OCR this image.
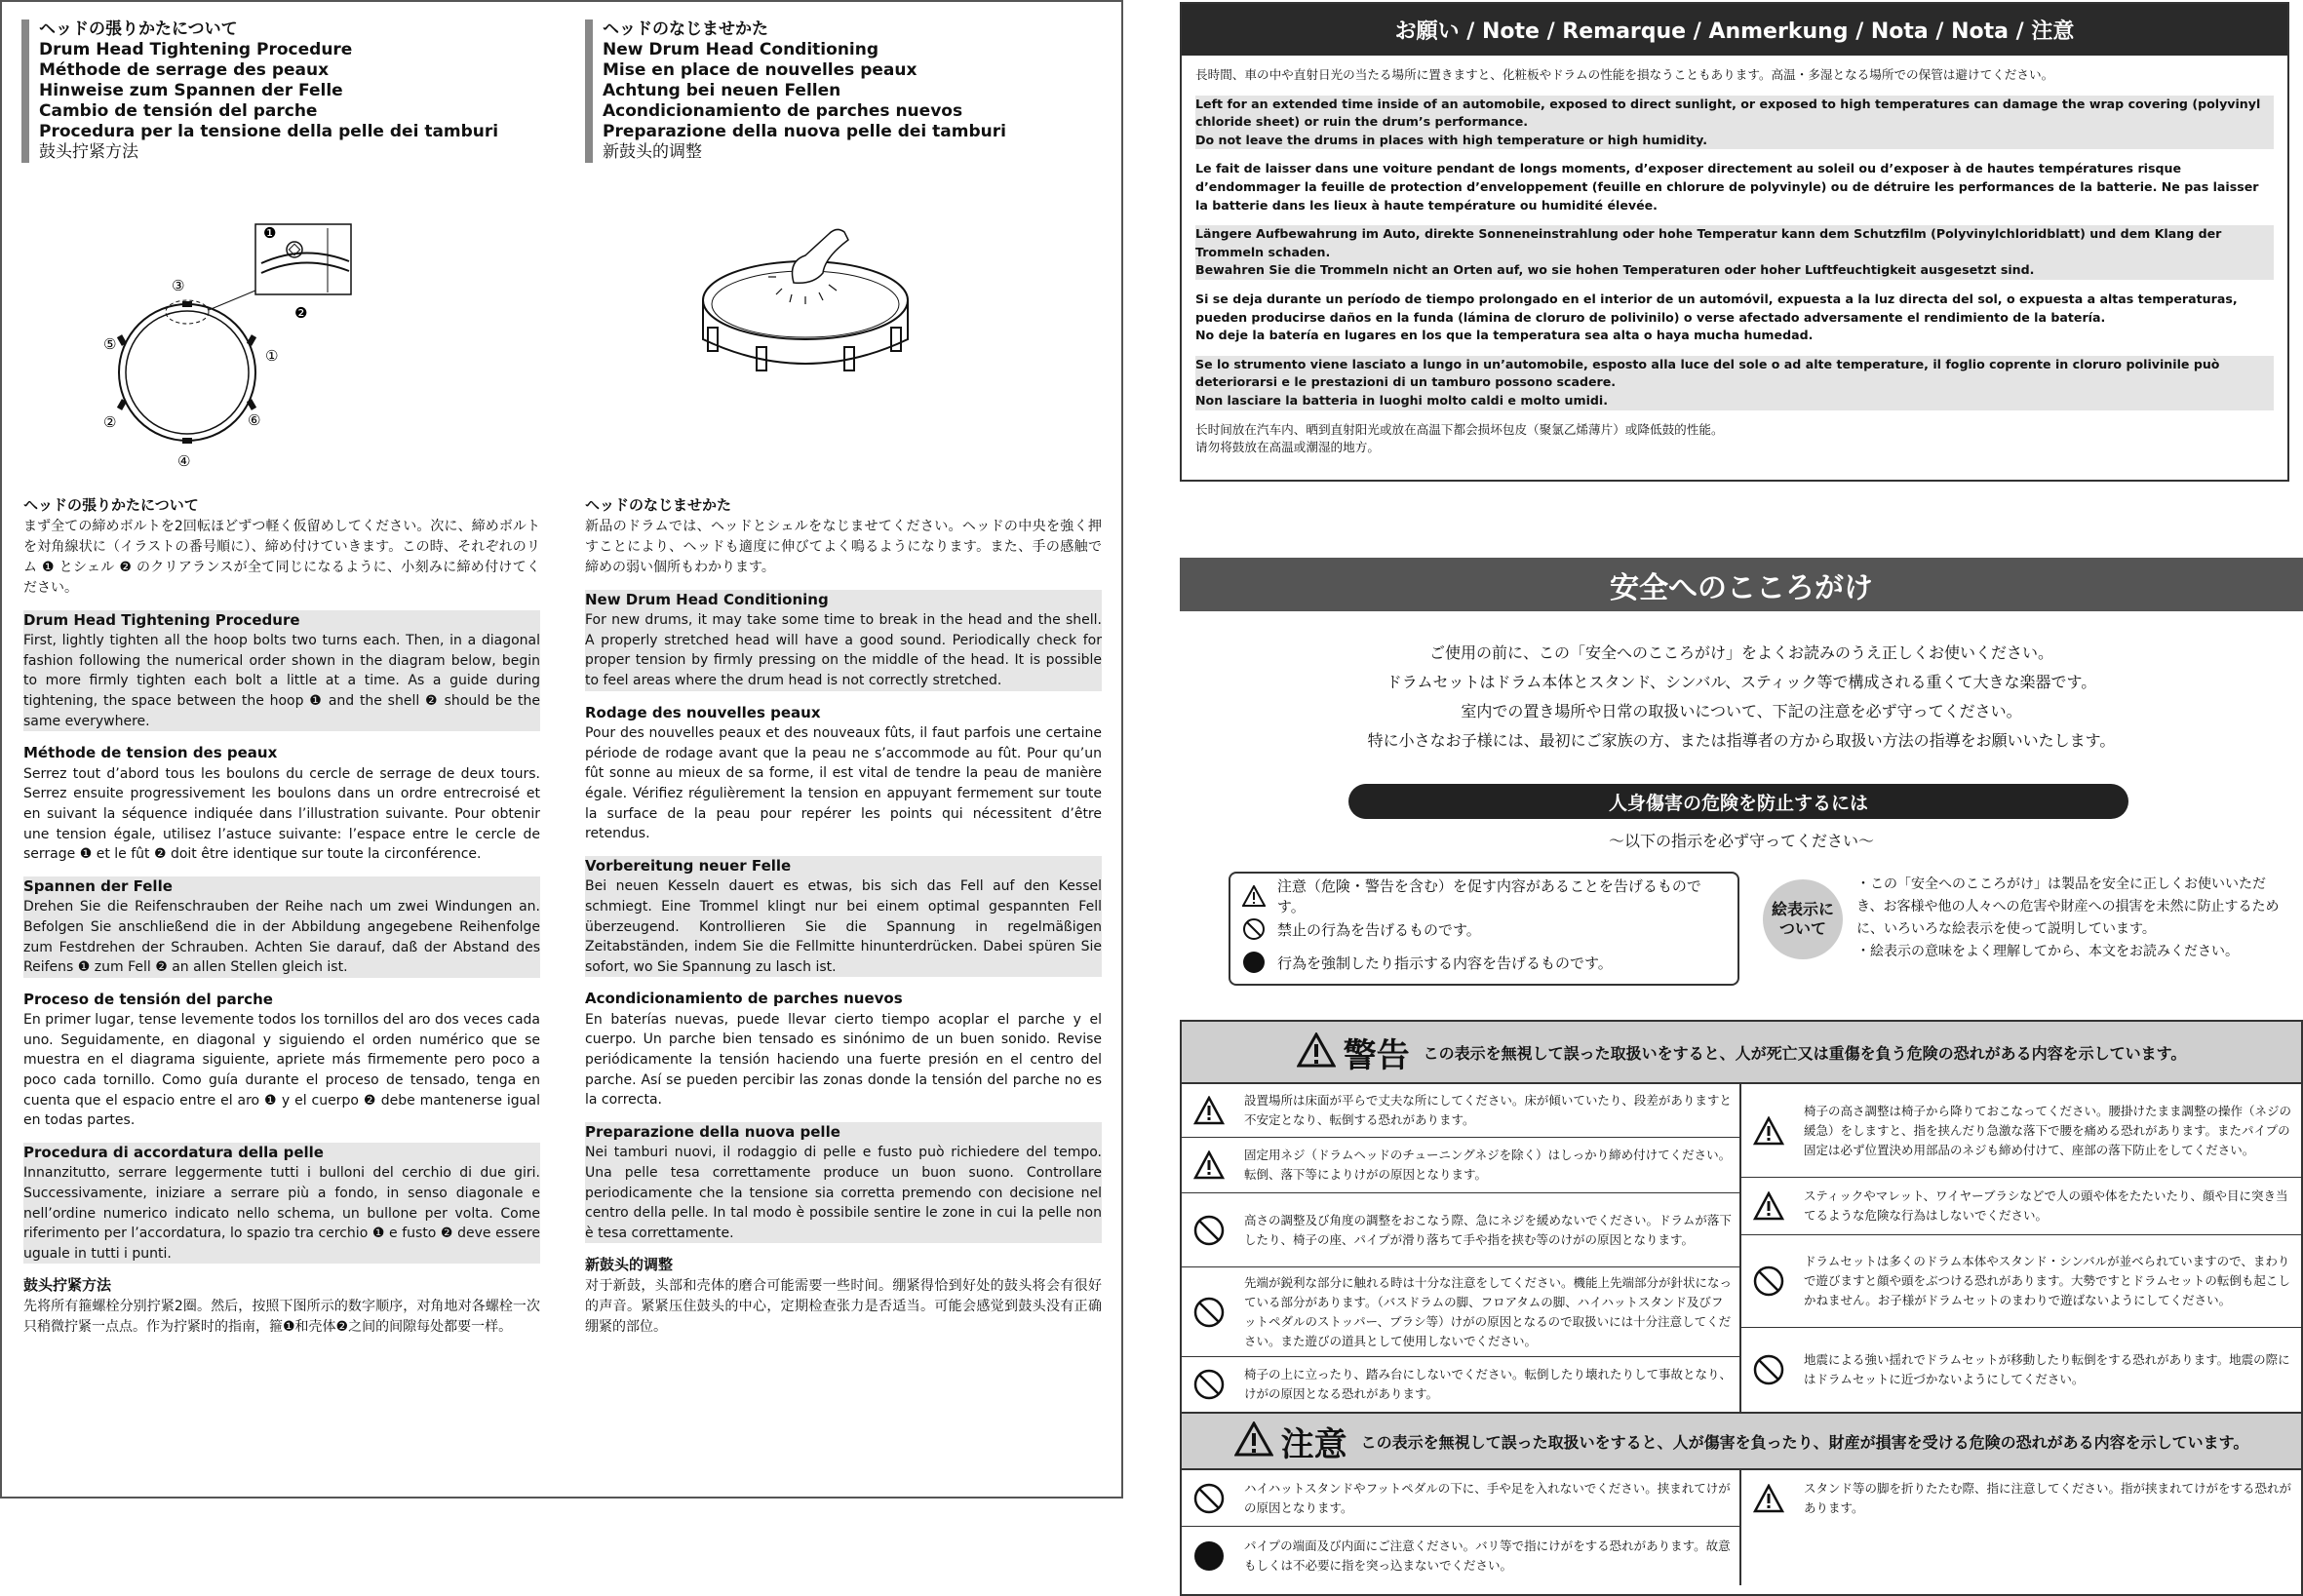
ヘッドの張りかたについて
Drum Head Tightening Procedure
Méthode de serrage des peaux
Hinweise zum Spannen der Felle
Cambio de tensión del parche
Procedura per la tensione della pelle dei tamburi
鼓头拧紧方法
ヘッドのなじませかた
New Drum Head Conditioning
Mise en place de nouvelles peaux
Achtung bei neuen Fellen
Acondicionamiento de parches nuevos
Preparazione della nuova pelle dei tamburi
新鼓头的调整
❶
❷
①
②
③
④
⑤
⑥
ヘッドの張りかたについて
まず全ての締めボルトを2回転ほどずつ軽く仮留めしてください。次に、締めボルトを対角線状に（イラストの番号順に）、締め付けていきます。この時、それぞれのリム ❶ とシェル ❷ のクリアランスが全て同じになるように、小刻みに締め付けてください。
Drum Head Tightening Procedure
First, lightly tighten all the hoop bolts two turns each. Then, in a diagonal fashion following the numerical order shown in the diagram below, begin to more firmly tighten each bolt a little at a time. As a guide during tightening, the space between the hoop ❶ and the shell ❷ should be the same everywhere.
Méthode de tension des peaux
Serrez tout d’abord tous les boulons du cercle de serrage de deux tours. Serrez ensuite progressivement les boulons dans un ordre entrecroisé et en suivant la séquence indiquée dans l’illustration suivante. Pour obtenir une tension égale, utilisez l’astuce suivante: l’espace entre le cercle de serrage ❶ et le fût ❷ doit être identique sur toute la circonférence.
Spannen der Felle
Drehen Sie die Reifenschrauben der Reihe nach um zwei Windungen an. Befolgen Sie anschließend die in der Abbildung angegebene Reihenfolge zum Festdrehen der Schrauben. Achten Sie darauf, daß der Abstand des Reifens ❶ zum Fell ❷ an allen Stellen gleich ist.
Proceso de tensión del parche
En primer lugar, tense levemente todos los tornillos del aro dos veces cada uno. Seguidamente, en diagonal y siguiendo el orden numérico que se muestra en el diagrama siguiente, apriete más firmemente pero poco a poco cada tornillo. Como guía durante el proceso de tensado, tenga en cuenta que el espacio entre el aro ❶ y el cuerpo ❷ debe mantenerse igual en todas partes.
Procedura di accordatura della pelle
Innanzitutto, serrare leggermente tutti i bulloni del cerchio di due giri. Successivamente, iniziare a serrare più a fondo, in senso diagonale e nell’ordine numerico indicato nello schema, un bullone per volta. Come riferimento per l’accordatura, lo spazio tra cerchio ❶ e fusto ❷ deve essere uguale in tutti i punti.
鼓头拧紧方法
先将所有箍螺栓分别拧紧2圈。然后，按照下图所示的数字顺序，对角地对各螺栓一次只稍微拧紧一点点。作为拧紧时的指南，箍❶和壳体❷之间的间隙每处都要一样。
ヘッドのなじませかた
新品のドラムでは、ヘッドとシェルをなじませてください。ヘッドの中央を強く押すことにより、ヘッドも適度に伸びてよく鳴るようになります。また、手の感触で締めの弱い個所もわかります。
New Drum Head Conditioning
For new drums, it may take some time to break in the head and the shell. A properly stretched head will have a good sound. Periodically check for proper tension by firmly pressing on the middle of the head. It is possible to feel areas where the drum head is not correctly stretched.
Rodage des nouvelles peaux
Pour des nouvelles peaux et des nouveaux fûts, il faut parfois une certaine période de rodage avant que la peau ne s’accommode au fût. Pour qu’un fût sonne au mieux de sa forme, il est vital de tendre la peau de manière égale. Vérifiez régulièrement la tension en appuyant fermement sur toute la surface de la peau pour repérer les points qui nécessitent d’être retendus.
Vorbereitung neuer Felle
Bei neuen Kesseln dauert es etwas, bis sich das Fell auf den Kessel schmiegt. Eine Trommel klingt nur bei einem optimal gespannten Fell überzeugend. Kontrollieren Sie die Spannung in regelmäßigen Zeitabständen, indem Sie die Fellmitte hinunterdrücken. Dabei spüren Sie sofort, wo Sie Spannung zu lasch ist.
Acondicionamiento de parches nuevos
En baterías nuevas, puede llevar cierto tiempo acoplar el parche y el cuerpo. Un parche bien tensado es sinónimo de un buen sonido. Revise periódicamente la tensión haciendo una fuerte presión en el centro del parche. Así se pueden percibir las zonas donde la tensión del parche no es la correcta.
Preparazione della nuova pelle
Nei tamburi nuovi, il rodaggio di pelle e fusto può richiedere del tempo. Una pelle tesa correttamente produce un buon suono. Controllare periodicamente che la tensione sia corretta premendo con decisione nel centro della pelle. In tal modo è possibile sentire le zone in cui la pelle non è tesa correttamente.
新鼓头的调整
对于新鼓，头部和壳体的磨合可能需要一些时间。绷紧得恰到好处的鼓头将会有很好的声音。紧紧压住鼓头的中心，定期检查张力是否适当。可能会感觉到鼓头没有正确绷紧的部位。
お願い / Note / Remarque / Anmerkung / Nota / Nota / 注意
長時間、車の中や直射日光の当たる場所に置きますと、化粧板やドラムの性能を損なうこともあります。高温・多湿となる場所での保管は避けてください。
Left for an extended time inside of an automobile, exposed to direct sunlight, or exposed to high temperatures can damage the wrap covering (polyvinyl chloride sheet) or ruin the drum’s performance.
Do not leave the drums in places with high temperature or high humidity.
Le fait de laisser dans une voiture pendant de longs moments, d’exposer directement au soleil ou d’exposer à de hautes températures risque d’endommager la feuille de protection d’enveloppement (feuille en chlorure de polyvinyle) ou de détruire les performances de la batterie. Ne pas laisser la batterie dans les lieux à haute température ou humidité élevée.
Längere Aufbewahrung im Auto, direkte Sonneneinstrahlung oder hohe Temperatur kann dem Schutzfilm (Polyvinylchloridblatt) und dem Klang der Trommeln schaden.
Bewahren Sie die Trommeln nicht an Orten auf, wo sie hohen Temperaturen oder hoher Luftfeuchtigkeit ausgesetzt sind.
Si se deja durante un período de tiempo prolongado en el interior de un automóvil, expuesta a la luz directa del sol, o expuesta a altas temperaturas, pueden producirse daños en la funda (lámina de cloruro de polivinilo) o verse afectado adversamente el rendimiento de la batería.
No deje la batería en lugares en los que la temperatura sea alta o haya mucha humedad.
Se lo strumento viene lasciato a lungo in un’automobile, esposto alla luce del sole o ad alte temperature, il foglio coprente in cloruro polivinile può deteriorarsi e le prestazioni di un tamburo possono scadere.
Non lasciare la batteria in luoghi molto caldi e molto umidi.
长时间放在汽车内、晒到直射阳光或放在高温下都会损坏包皮（聚氯乙烯薄片）或降低鼓的性能。
请勿将鼓放在高温或潮湿的地方。
安全へのこころがけ
ご使用の前に、この「安全へのこころがけ」をよくお読みのうえ正しくお使いください。
ドラムセットはドラム本体とスタンド、シンバル、スティック等で構成される重くて大きな楽器です。
室内での置き場所や日常の取扱いについて、下記の注意を必ず守ってください。
特に小さなお子様には、最初にご家族の方、または指導者の方から取扱い方法の指導をお願いいたします。
人身傷害の危険を防止するには
〜以下の指示を必ず守ってください〜
注意（危険・警告を含む）を促す内容があることを告げるものです。
禁止の行為を告げるものです。
行為を強制したり指示する内容を告げるものです。
絵表示に
ついて
・この「安全へのこころがけ」は製品を安全に正しくお使いいただき、お客様や他の人々への危害や財産への損害を未然に防止するために、いろいろな絵表示を使って説明しています。
・絵表示の意味をよく理解してから、本文をお読みください。
警告 この表示を無視して誤った取扱いをすると、人が死亡又は重傷を負う危険の恐れがある内容を示しています。
設置場所は床面が平らで丈夫な所にしてください。床が傾いていたり、段差がありますと不安定となり、転倒する恐れがあります。
固定用ネジ（ドラムヘッドのチューニングネジを除く）はしっかり締め付けてください。転倒、落下等によりけがの原因となります。
高さの調整及び角度の調整をおこなう際、急にネジを緩めないでください。ドラムが落下したり、椅子の座、パイプが滑り落ちて手や指を挟む等のけがの原因となります。
先端が鋭利な部分に触れる時は十分な注意をしてください。機能上先端部分が針状になっている部分があります。（バスドラムの脚、フロアタムの脚、ハイハットスタンド及びフットペダルのストッパー、ブラシ等）けがの原因となるので取扱いには十分注意してください。また遊びの道具として使用しないでください。
椅子の上に立ったり、踏み台にしないでください。転倒したり壊れたりして事故となり、けがの原因となる恐れがあります。
椅子の高さ調整は椅子から降りておこなってください。腰掛けたまま調整の操作（ネジの緩急）をしますと、指を挟んだり急激な落下で腰を痛める恐れがあります。またパイプの固定は必ず位置決め用部品のネジも締め付けて、座部の落下防止をしてください。
スティックやマレット、ワイヤーブラシなどで人の頭や体をたたいたり、顔や目に突き当てるような危険な行為はしないでください。
ドラムセットは多くのドラム本体やスタンド・シンバルが並べられていますので、まわりで遊びますと顔や頭をぶつける恐れがあります。大勢ですとドラムセットの転倒も起こしかねません。お子様がドラムセットのまわりで遊ばないようにしてください。
地震による強い揺れでドラムセットが移動したり転倒をする恐れがあります。地震の際にはドラムセットに近づかないようにしてください。
注意 この表示を無視して誤った取扱いをすると、人が傷害を負ったり、財産が損害を受ける危険の恐れがある内容を示しています。
ハイハットスタンドやフットペダルの下に、手や足を入れないでください。挟まれてけがの原因となります。
パイプの端面及び内面にご注意ください。バリ等で指にけがをする恐れがあります。故意もしくは不必要に指を突っ込まないでください。
スタンド等の脚を折りたたむ際、指に注意してください。指が挟まれてけがをする恐れがあります。
